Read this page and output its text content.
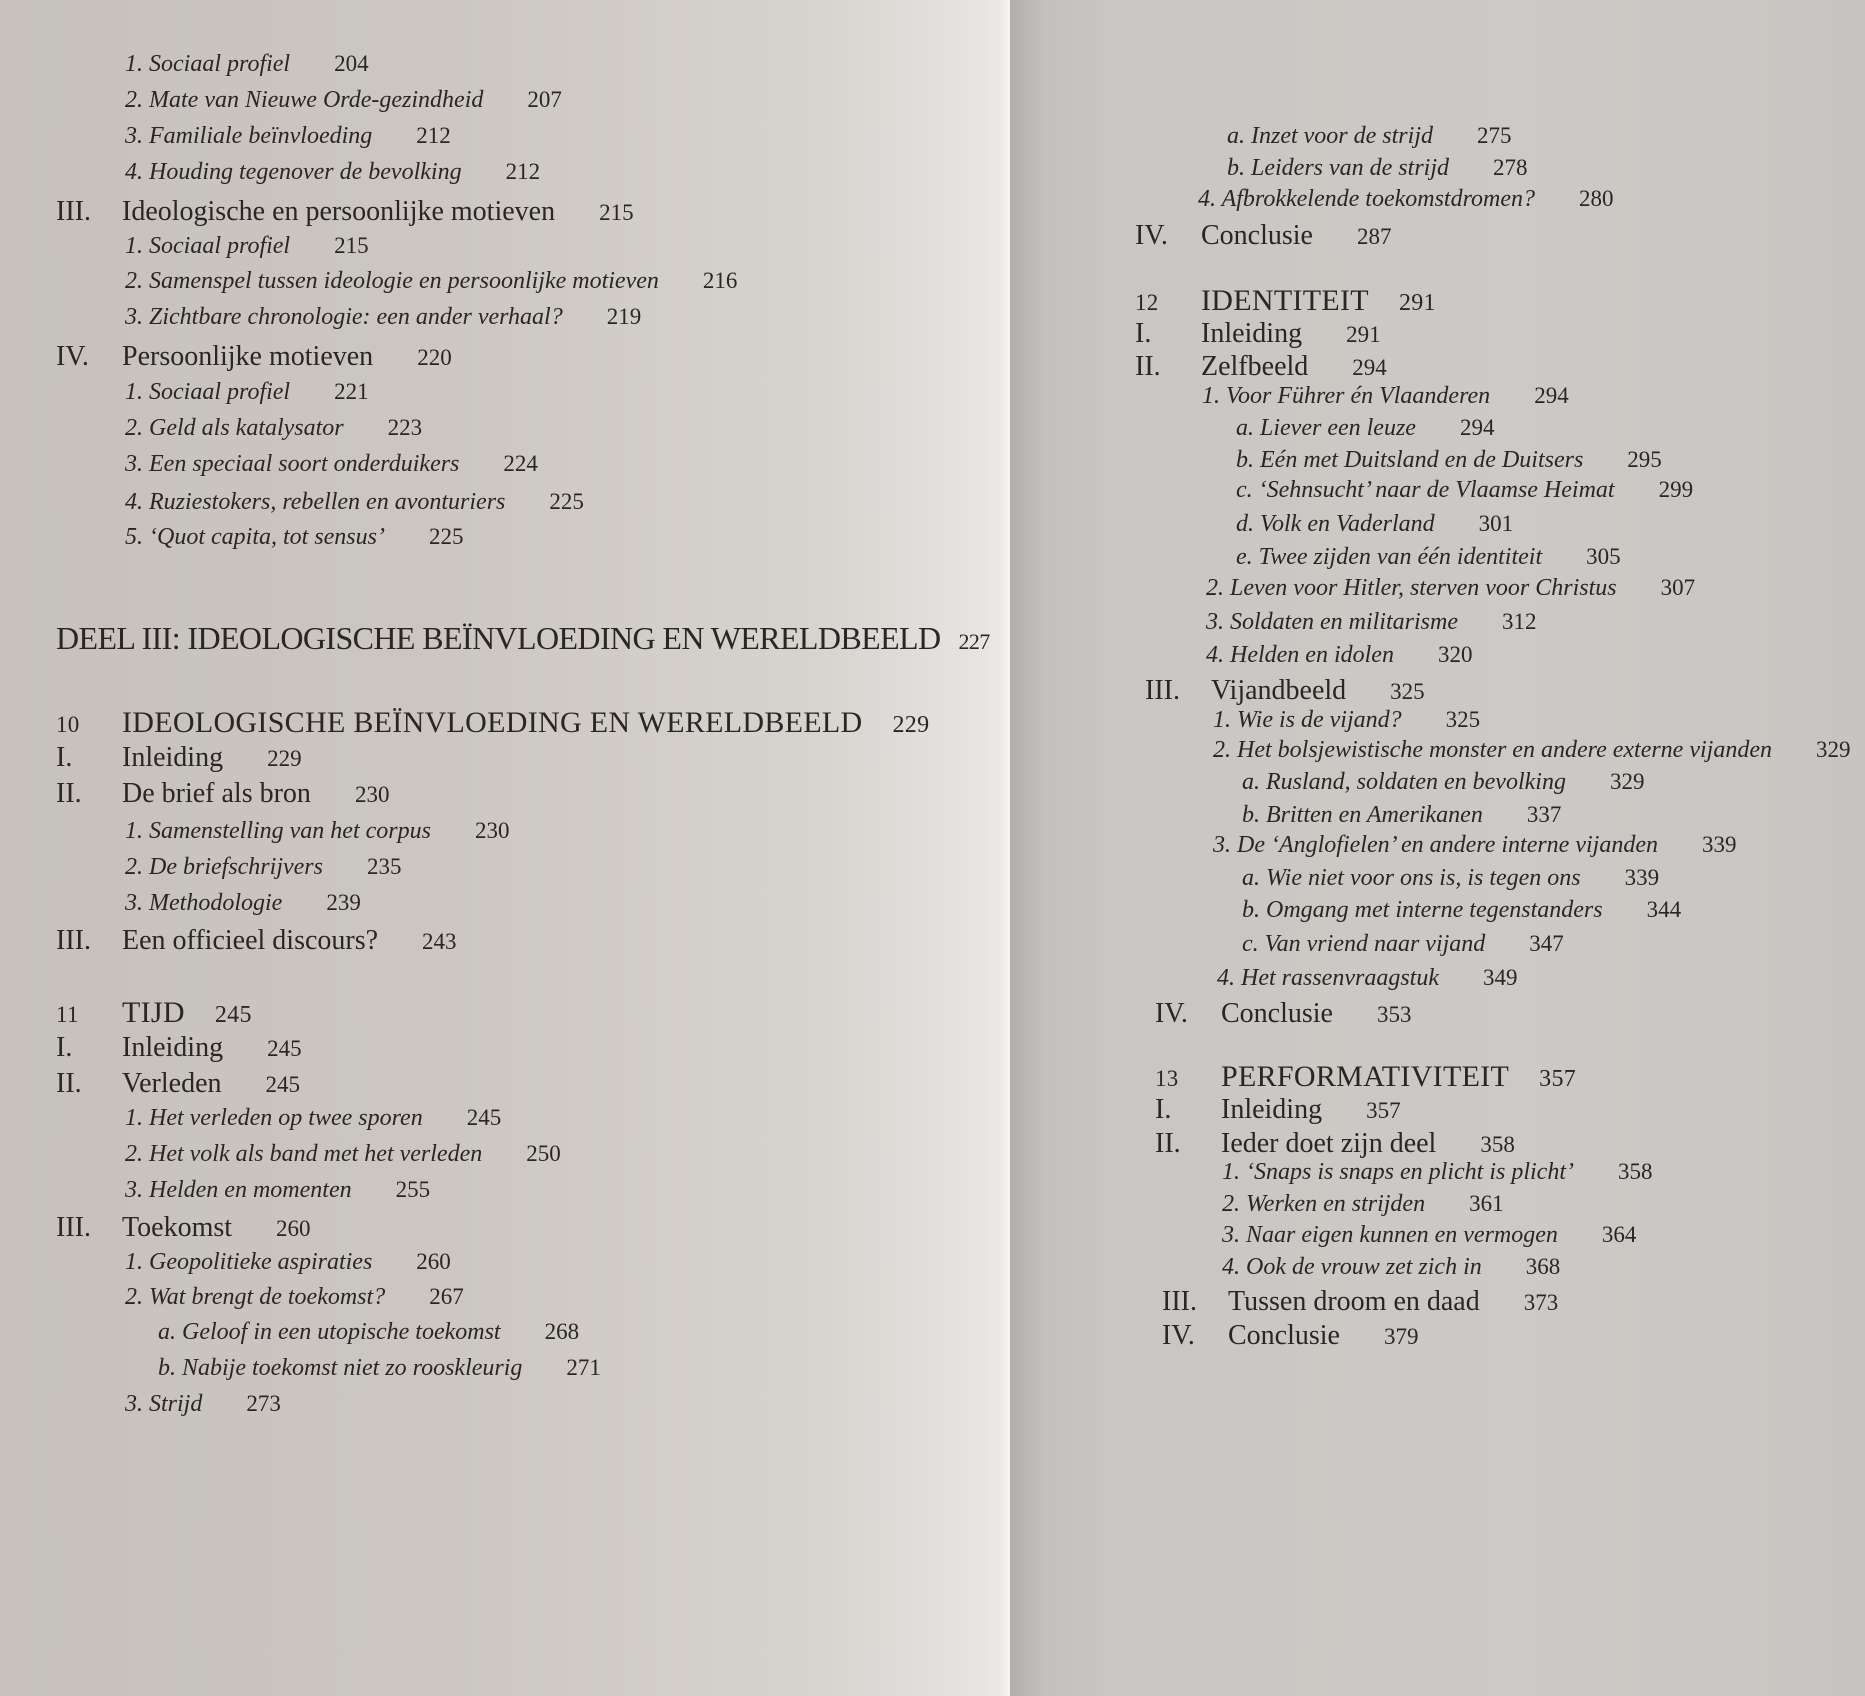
1. Sociaal profiel 204
2. Mate van Nieuwe Orde-gezindheid 207
3. Familiale beïnvloeding 212
4. Houding tegenover de bevolking 212
III. Ideologische en persoonlijke motieven 215
1. Sociaal profiel 215
2. Samenspel tussen ideologie en persoonlijke motieven 216
3. Zichtbare chronologie: een ander verhaal? 219
IV. Persoonlijke motieven 220
1. Sociaal profiel 221
2. Geld als katalysator 223
3. Een speciaal soort onderduikers 224
4. Ruziestokers, rebellen en avonturiers 225
5. ‘Quot capita, tot sensus’ 225
DEEL III: IDEOLOGISCHE BEÏNVLOEDING EN WERELDBEELD 227
10 IDEOLOGISCHE BEÏNVLOEDING EN WERELDBEELD 229
I. Inleiding 229
II. De brief als bron 230
1. Samenstelling van het corpus 230
2. De briefschrijvers 235
3. Methodologie 239
III. Een officieel discours? 243
11 TIJD 245
I. Inleiding 245
II. Verleden 245
1. Het verleden op twee sporen 245
2. Het volk als band met het verleden 250
3. Helden en momenten 255
III. Toekomst 260
1. Geopolitieke aspiraties 260
2. Wat brengt de toekomst? 267
a. Geloof in een utopische toekomst 268
b. Nabije toekomst niet zo rooskleurig 271
3. Strijd 273
a. Inzet voor de strijd 275
b. Leiders van de strijd 278
4. Afbrokkelende toekomstdromen? 280
IV. Conclusie 287
12 IDENTITEIT 291
I. Inleiding 291
II. Zelfbeeld 294
1. Voor Führer én Vlaanderen 294
a. Liever een leuze 294
b. Eén met Duitsland en de Duitsers 295
c. ‘Sehnsucht’ naar de Vlaamse Heimat 299
d. Volk en Vaderland 301
e. Twee zijden van één identiteit 305
2. Leven voor Hitler, sterven voor Christus 307
3. Soldaten en militarisme 312
4. Helden en idolen 320
III. Vijandbeeld 325
1. Wie is de vijand? 325
2. Het bolsjewistische monster en andere externe vijanden 329
a. Rusland, soldaten en bevolking 329
b. Britten en Amerikanen 337
3. De ‘Anglofielen’ en andere interne vijanden 339
a. Wie niet voor ons is, is tegen ons 339
b. Omgang met interne tegenstanders 344
c. Van vriend naar vijand 347
4. Het rassenvraagstuk 349
IV. Conclusie 353
13 PERFORMATIVITEIT 357
I. Inleiding 357
II. Ieder doet zijn deel 358
1. ‘Snaps is snaps en plicht is plicht’ 358
2. Werken en strijden 361
3. Naar eigen kunnen en vermogen 364
4. Ook de vrouw zet zich in 368
III. Tussen droom en daad 373
IV. Conclusie 379
